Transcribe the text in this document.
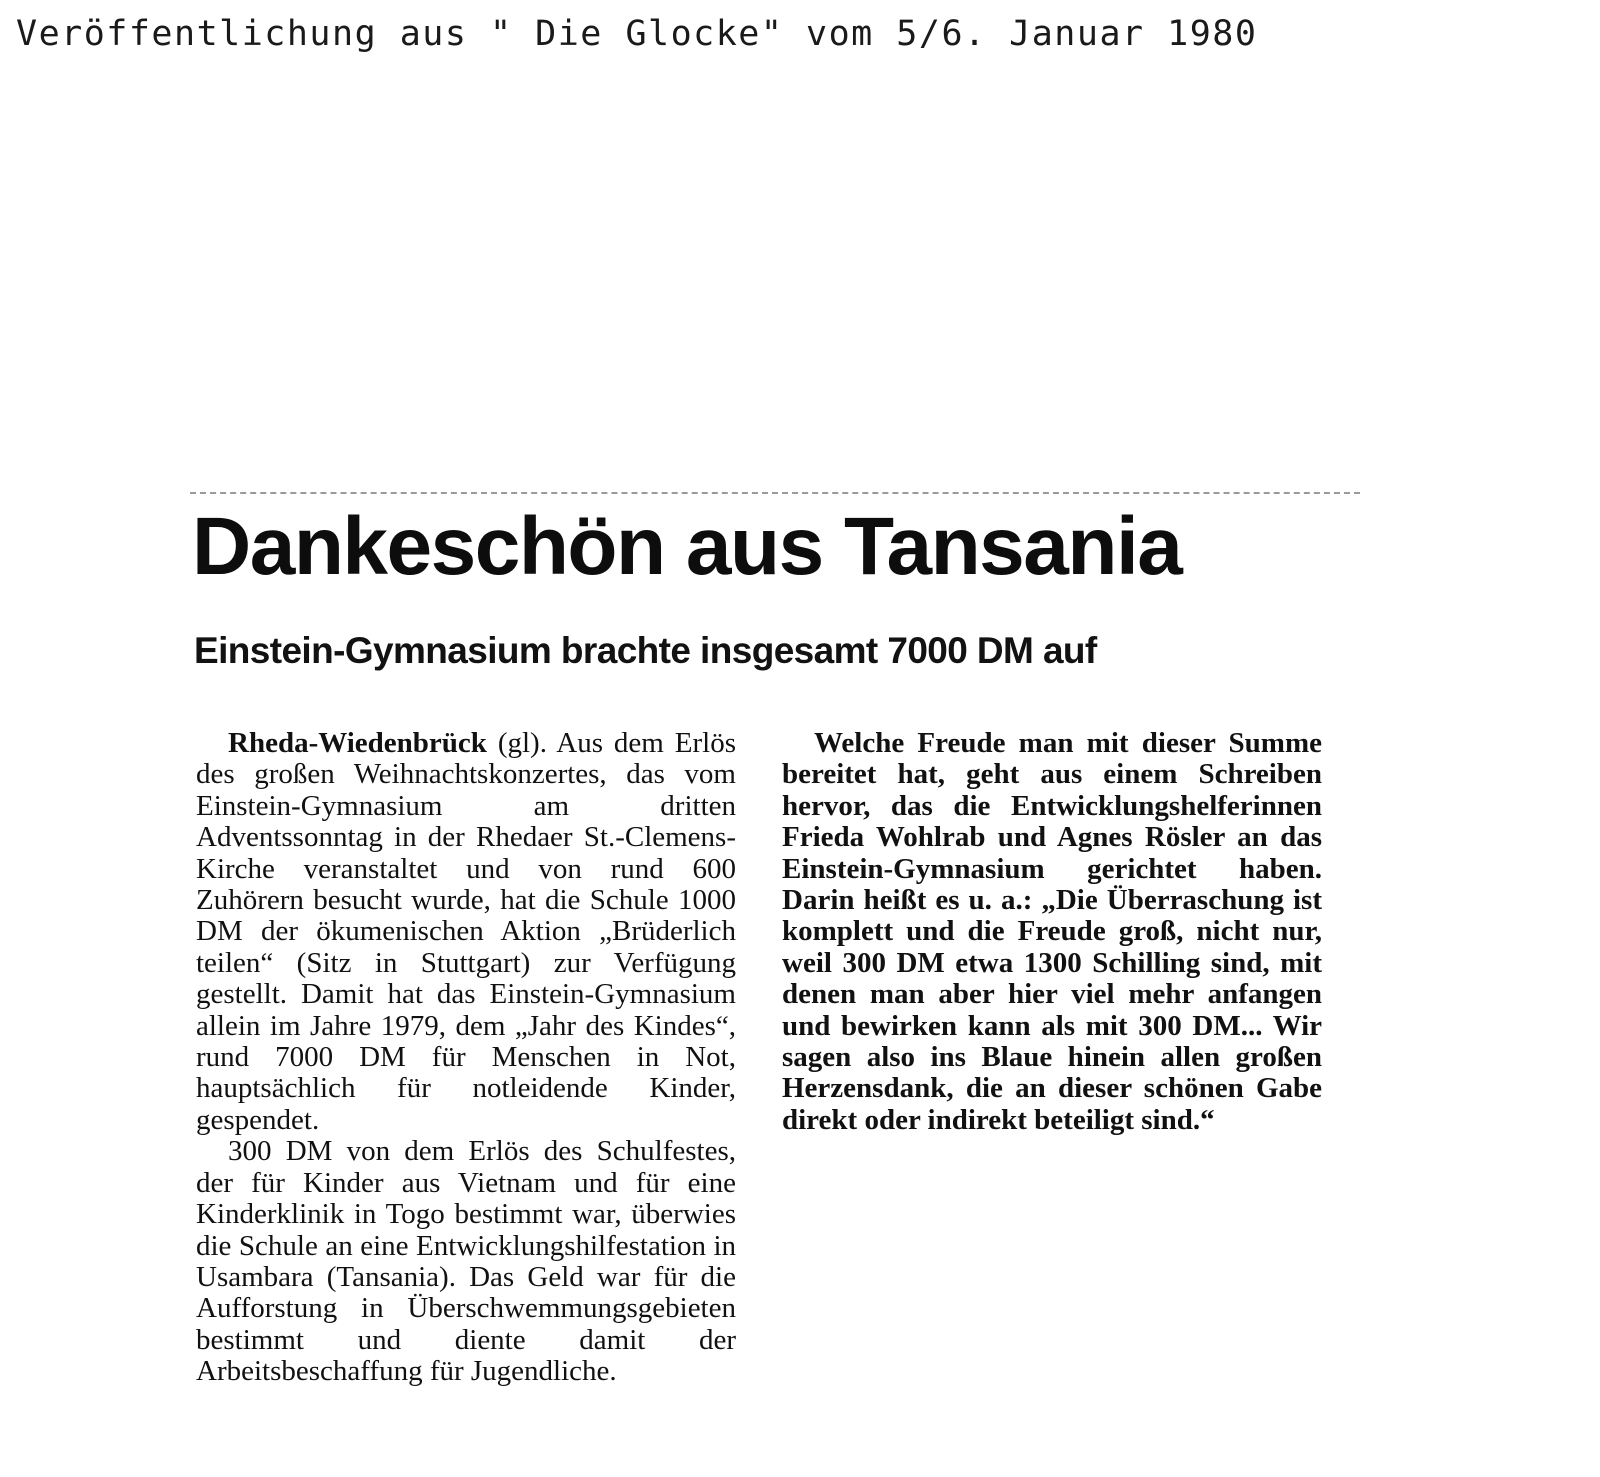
Veröffentlichung aus " Die Glocke" vom 5/6. Januar 1980
Dankeschön aus Tansania
Einstein-Gymnasium brachte insgesamt 7000 DM auf

Rheda-Wiedenbrück (gl). Aus dem Erlös des großen Weihnachtskonzertes, das vom Einstein-Gymnasium am dritten Adventssonntag in der Rhedaer St.-Clemens-Kirche veranstaltet und von rund 600 Zuhörern besucht wurde, hat die Schule 1000 DM der ökumenischen Aktion „Brüderlich teilen“ (Sitz in Stuttgart) zur Verfügung gestellt. Damit hat das Einstein-Gymnasium allein im Jahre 1979, dem „Jahr des Kindes“, rund 7000 DM für Menschen in Not, hauptsächlich für notleidende Kinder, gespendet.

300 DM von dem Erlös des Schulfestes, der für Kinder aus Vietnam und für eine Kinderklinik in Togo bestimmt war, überwies die Schule an eine Entwicklungshilfestation in Usambara (Tansania). Das Geld war für die Aufforstung in Überschwemmungsgebieten bestimmt und diente damit der Arbeitsbeschaffung für Jugendliche.

Welche Freude man mit dieser Summe bereitet hat, geht aus einem Schreiben hervor, das die Entwicklungshelferinnen Frieda Wohlrab und Agnes Rösler an das Einstein-Gymnasium gerichtet haben. Darin heißt es u. a.: „Die Überraschung ist komplett und die Freude groß, nicht nur, weil 300 DM etwa 1300 Schilling sind, mit denen man aber hier viel mehr anfangen und bewirken kann als mit 300 DM... Wir sagen also ins Blaue hinein allen großen Herzensdank, die an dieser schönen Gabe direkt oder indirekt beteiligt sind.“
